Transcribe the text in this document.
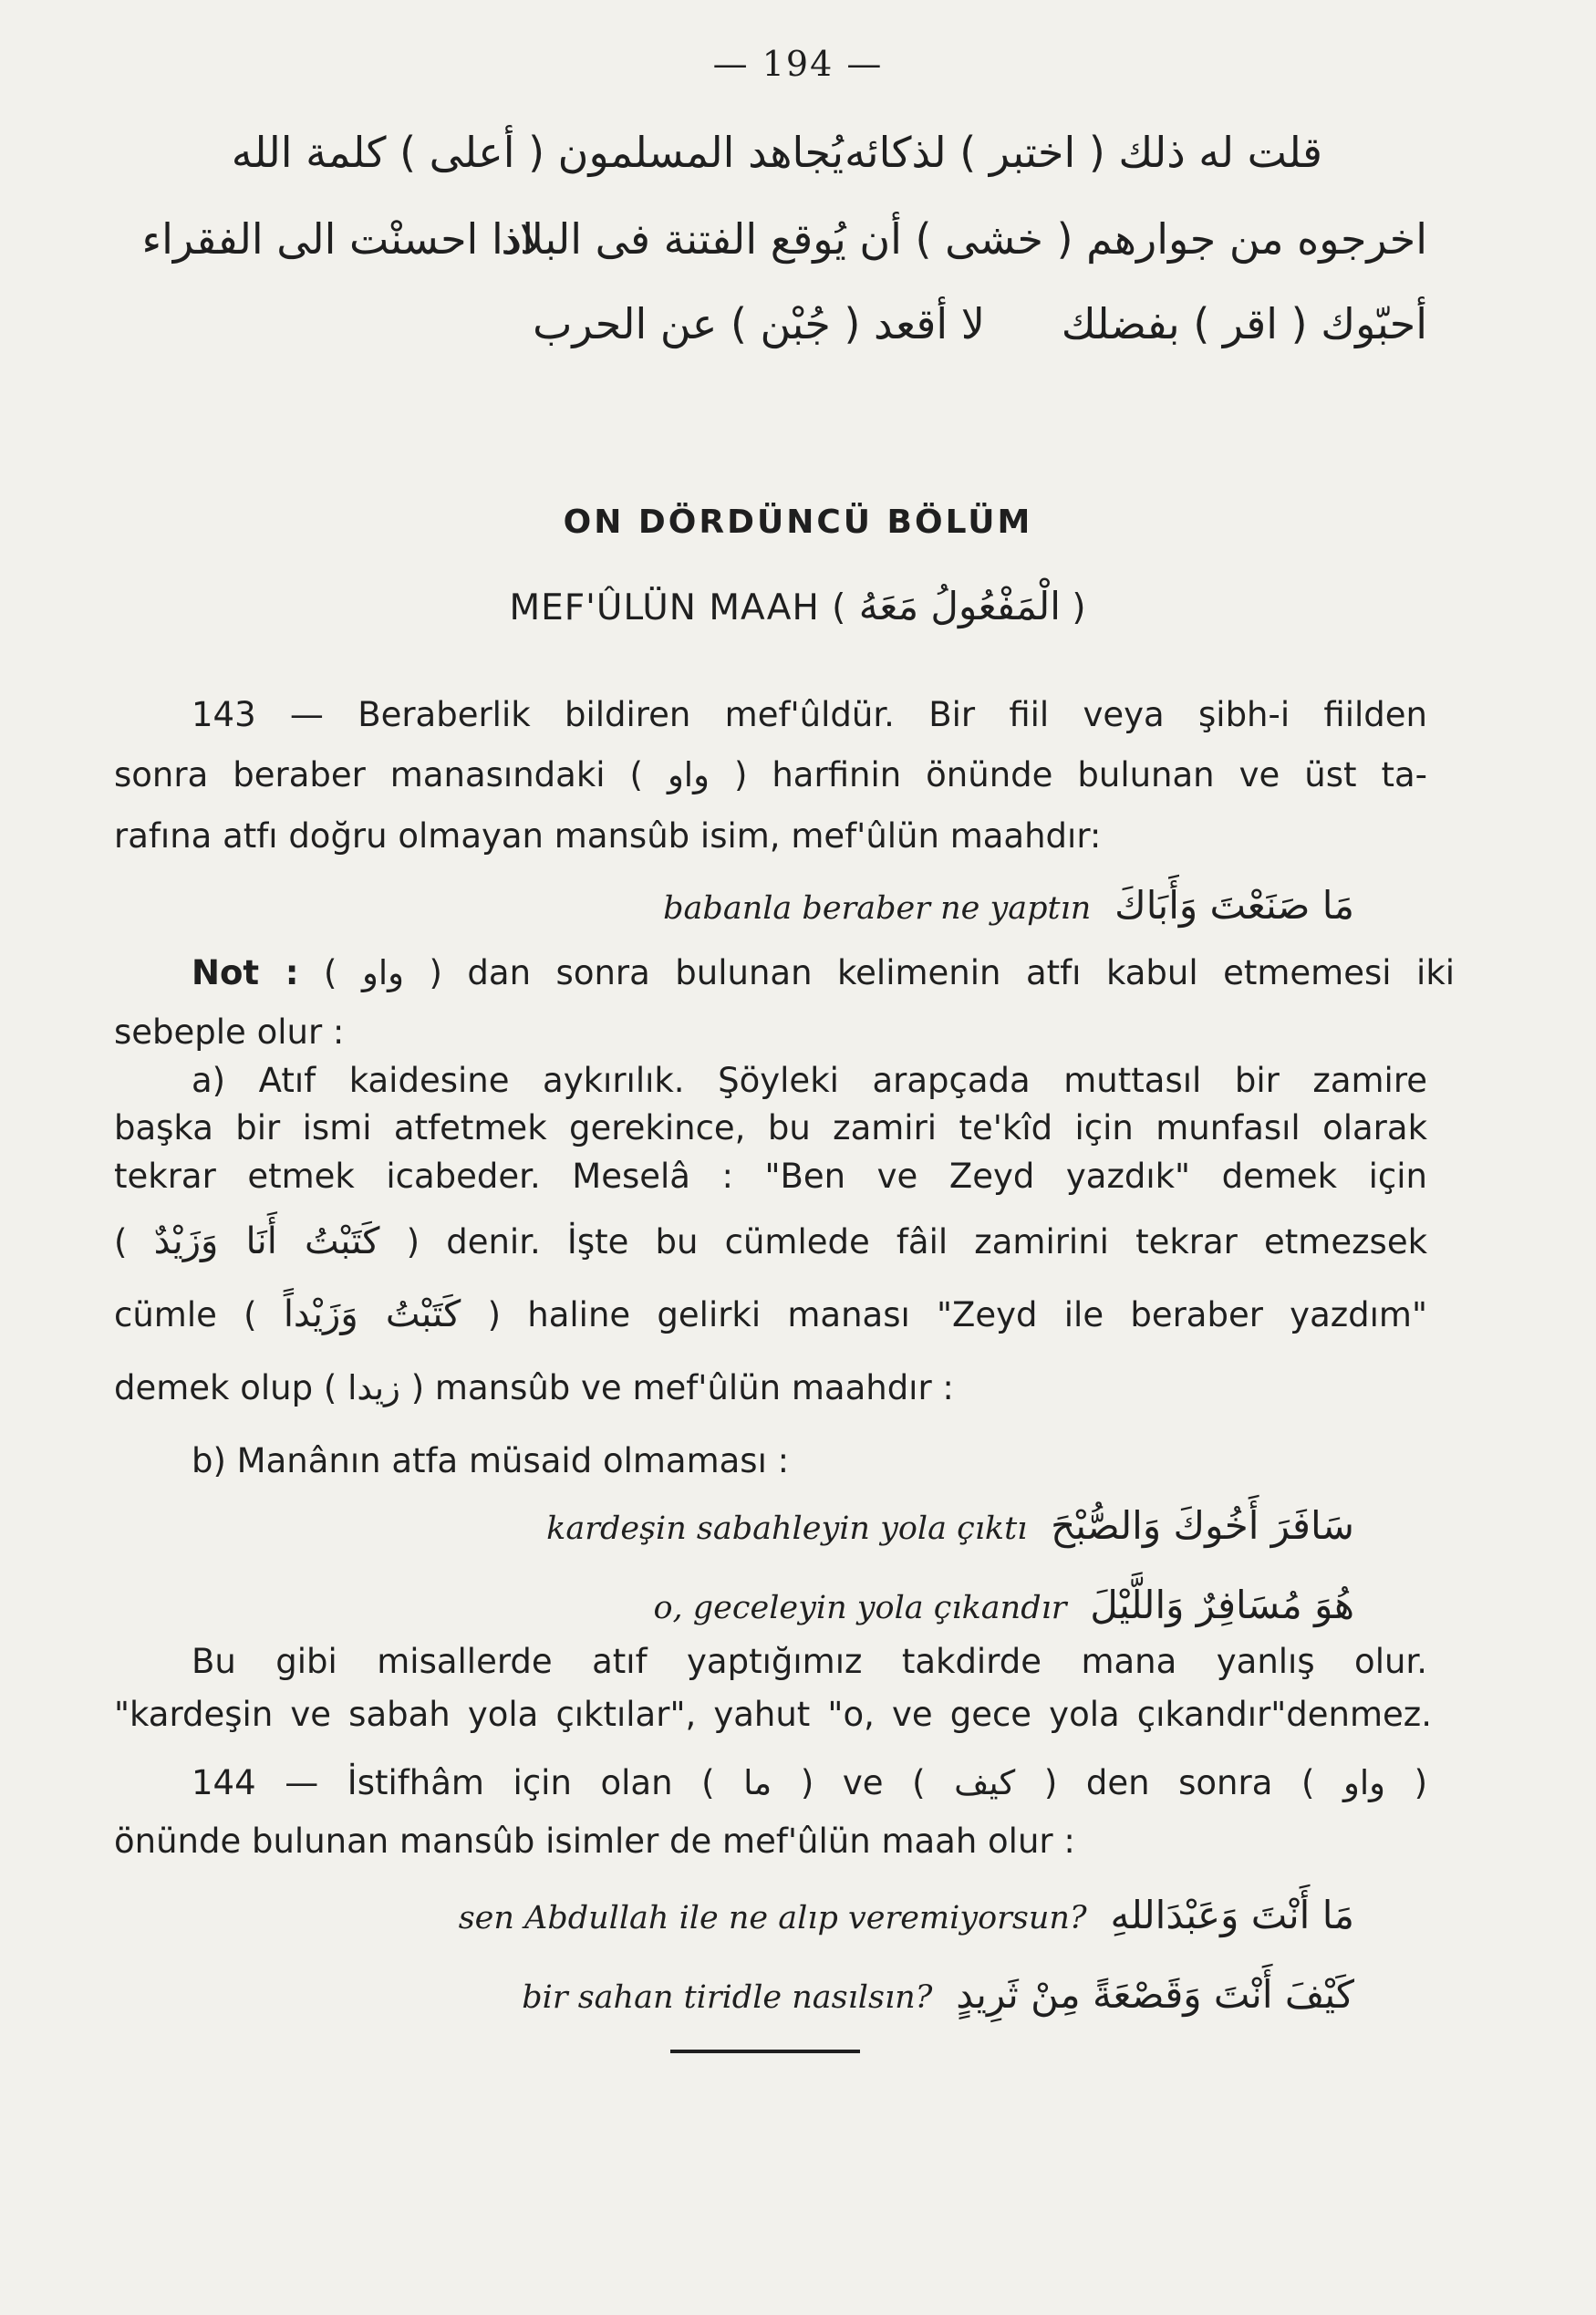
— 194 —
قلت له ذلك ( اختبر ) لذكائه
يُجاهد المسلمون ( أعلى ) كلمة الله
اخرجوه من جوارهم ( خشى ) أن يُوقع الفتنة فى البلاد
اذا احسنْت الى الفقراء
أحبّوك ( اقر ) بفضلك
لا أقعد ( جُبْن ) عن الحرب
ON DÖRDÜNCÜ BÖLÜM
MEF'ÛLÜN MAAH ( الْمَفْعُولُ مَعَهُ )
143 — Beraberlik bildiren mef'ûldür. Bir fiil veya şibh-i fiilden
sonra beraber manasındaki ( واو ) harfinin önünde bulunan ve üst ta-
rafına atfı doğru olmayan mansûb isim, mef'ûlün maahdır:
babanla beraber ne yaptın مَا صَنَعْتَ وَأَبَاكَ
Not : ( واو ) dan sonra bulunan kelimenin atfı kabul etmemesi iki
sebeple olur :
a) Atıf kaidesine aykırılık. Şöyleki arapçada muttasıl bir zamire
başka bir ismi atfetmek gerekince, bu zamiri te'kîd için munfasıl olarak
tekrar etmek icabeder. Meselâ : "Ben ve Zeyd yazdık" demek için
( كَتَبْتُ أَنَا وَزَيْدٌ ) denir. İşte bu cümlede fâil zamirini tekrar etmezsek
cümle ( كَتَبْتُ وَزَيْداً ) haline gelirki manası "Zeyd ile beraber yazdım"
demek olup ( زيدا ) mansûb ve mef'ûlün maahdır :
b) Manânın atfa müsaid olmaması :
kardeşin sabahleyin yola çıktı سَافَرَ أَخُوكَ وَالصُّبْحَ
o, geceleyin yola çıkandır هُوَ مُسَافِرٌ وَاللَّيْلَ
Bu gibi misallerde atıf yaptığımız takdirde mana yanlış olur.
"kardeşin ve sabah yola çıktılar", yahut "o, ve gece yola çıkandır"denmez.
144 — İstifhâm için olan ( ما ) ve ( كيف ) den sonra ( واو )
önünde bulunan mansûb isimler de mef'ûlün maah olur :
sen Abdullah ile ne alıp veremiyorsun? مَا أَنْتَ وَعَبْدَاللهِ
bir sahan tiridle nasılsın? كَيْفَ أَنْتَ وَقَصْعَةً مِنْ ثَرِيدٍ
